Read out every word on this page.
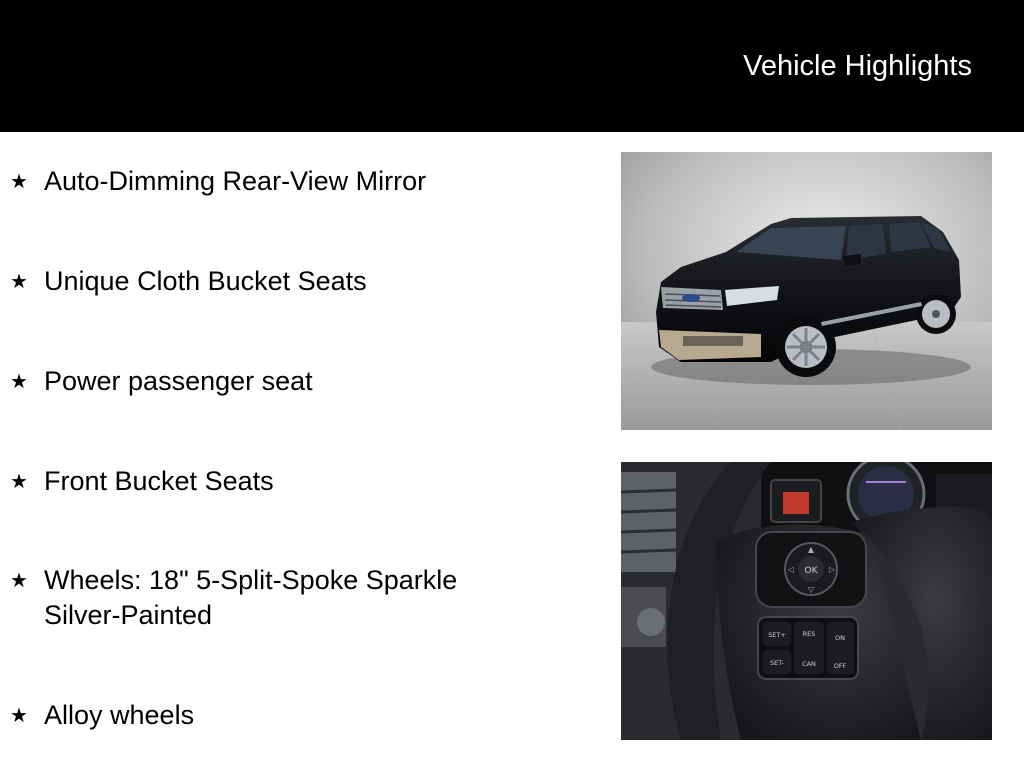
Vehicle Highlights
★ Auto-Dimming Rear-View Mirror
★ Unique Cloth Bucket Seats
★ Power passenger seat
★ Front Bucket Seats
★ Wheels: 18" 5-Split-Spoke Sparkle Silver-Painted
★ Alloy wheels
OK
▲
▽
◁	▷
SET+
SET-
RES
CAN
ON
OFF
